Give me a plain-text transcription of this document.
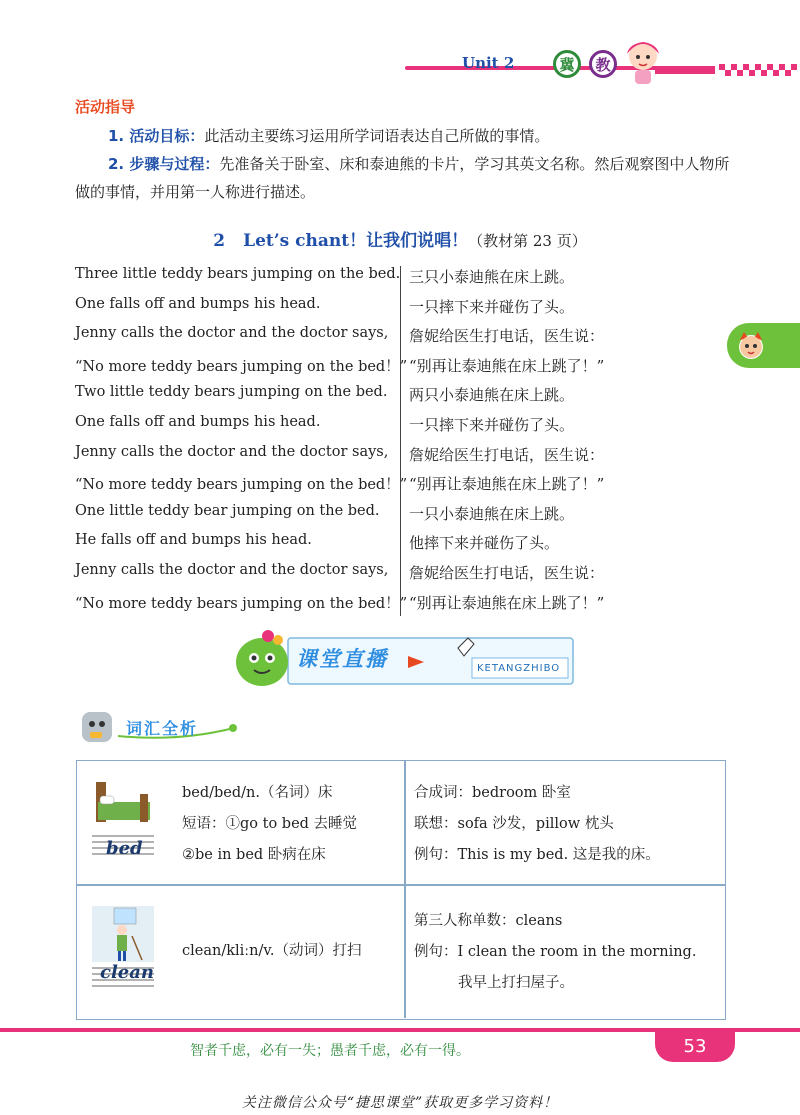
Unit 2	冀	教
活动指导
1. 活动目标：此活动主要练习运用所学词语表达自己所做的事情。
2. 步骤与过程：先准备关于卧室、床和泰迪熊的卡片，学习其英文名称。然后观察图中人物所做的事情，并用第一人称进行描述。
2 Let’s chant！让我们说唱！（教材第 23 页）
Three little teddy bears jumping on the bed. 三只小泰迪熊在床上跳。
One falls off and bumps his head.	一只摔下来并碰伤了头。
Jenny calls the doctor and the doctor says, 詹妮给医生打电话，医生说：
“No more teddy bears jumping on the bed！” “别再让泰迪熊在床上跳了！”
Two little teddy bears jumping on the bed. 两只小泰迪熊在床上跳。
One falls off and bumps his head.	一只摔下来并碰伤了头。
Jenny calls the doctor and the doctor says, 詹妮给医生打电话，医生说：
“No more teddy bears jumping on the bed！” “别再让泰迪熊在床上跳了！”
One little teddy bear jumping on the bed. 一只小泰迪熊在床上跳。
He falls off and bumps his head.	他摔下来并碰伤了头。
Jenny calls the doctor and the doctor says, 詹妮给医生打电话，医生说：
“No more teddy bears jumping on the bed！” “别再让泰迪熊在床上跳了！”
课堂直播	KETANGZHIBO
词汇全析
bed
bed/bed/n.（名词）床
短语：①go to bed 去睡觉
②be in bed 卧病在床
合成词：bedroom 卧室
联想：sofa 沙发，pillow 枕头
例句：This is my bed. 这是我的床。
clean
clean/kliːn/v.（动词）打扫
第三人称单数：cleans
例句：I clean the room in the morning.
我早上打扫屋子。
53
智者千虑，必有一失；愚者千虑，必有一得。
关注微信公众号“捷思课堂”获取更多学习资料！
